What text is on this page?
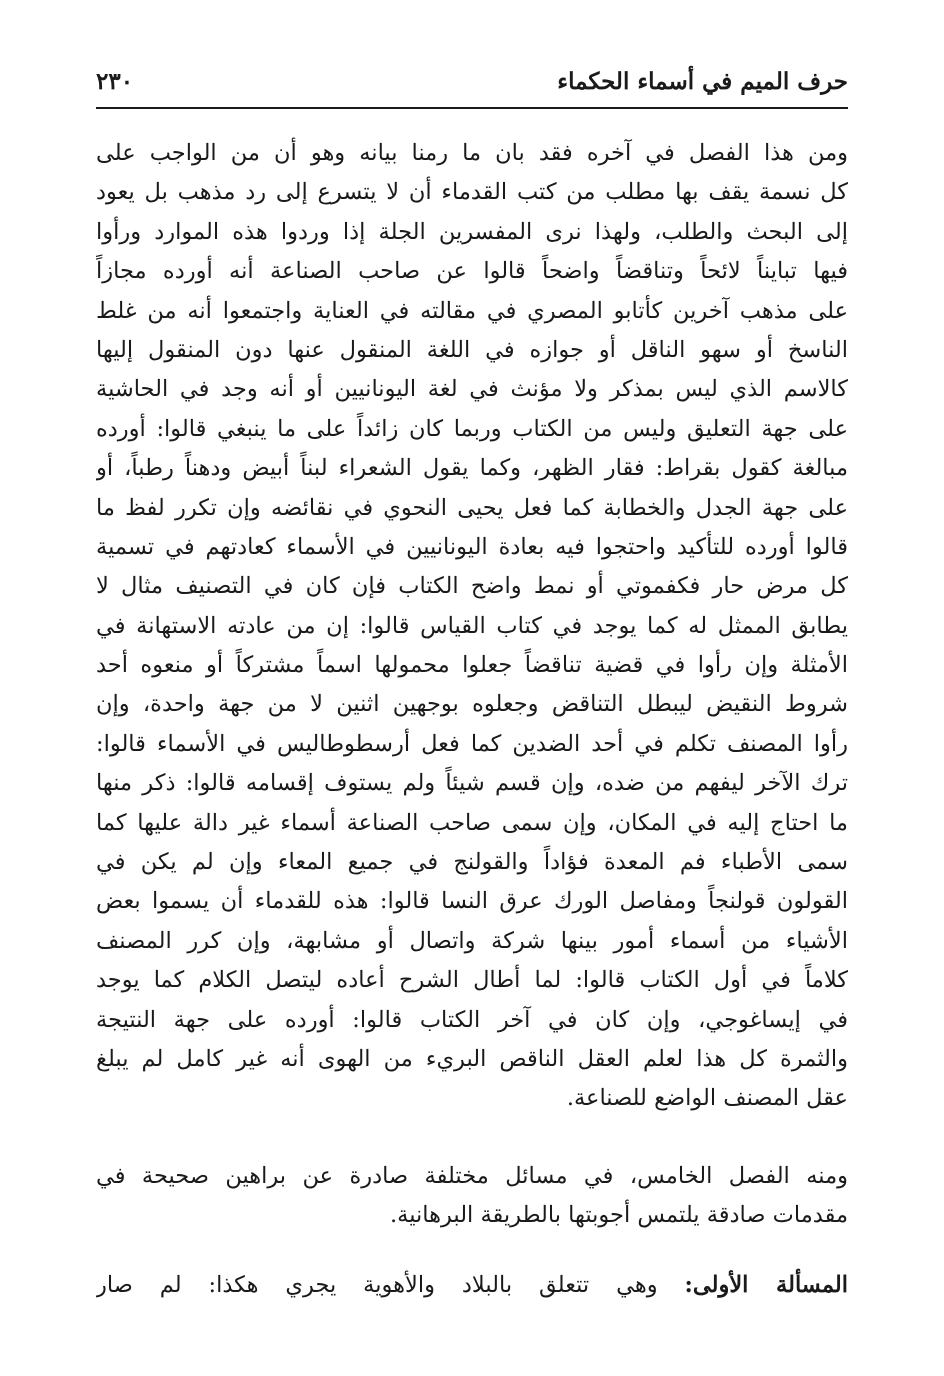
حرف الميم في أسماء الحكماء
٢٣٠
ومن هذا الفصل في آخره فقد بان ما رمنا بيانه وهو أن من الواجب على
كل نسمة يقف بها مطلب من كتب القدماء أن لا يتسرع إلى رد مذهب بل يعود
إلى البحث والطلب، ولهذا نرى المفسرين الجلة إذا وردوا هذه الموارد ورأوا
فيها تبايناً لائحاً وتناقضاً واضحاً قالوا عن صاحب الصناعة أنه أورده مجازاً
على مذهب آخرين كأتابو المصري في مقالته في العناية واجتمعوا أنه من غلط
الناسخ أو سهو الناقل أو جوازه في اللغة المنقول عنها دون المنقول إليها
كالاسم الذي ليس بمذكر ولا مؤنث في لغة اليونانيين أو أنه وجد في الحاشية
على جهة التعليق وليس من الكتاب وربما كان زائداً على ما ينبغي قالوا: أورده
مبالغة كقول بقراط: فقار الظهر، وكما يقول الشعراء لبناً أبيض ودهناً رطباً، أو
على جهة الجدل والخطابة كما فعل يحيى النحوي في نقائضه وإن تكرر لفظ ما
قالوا أورده للتأكيد واحتجوا فيه بعادة اليونانيين في الأسماء كعادتهم في تسمية
كل مرض حار فكفموتي أو نمط واضح الكتاب فإن كان في التصنيف مثال لا
يطابق الممثل له كما يوجد في كتاب القياس قالوا: إن من عادته الاستهانة في
الأمثلة وإن رأوا في قضية تناقضاً جعلوا محمولها اسماً مشتركاً أو منعوه أحد
شروط النقيض ليبطل التناقض وجعلوه بوجهين اثنين لا من جهة واحدة، وإن
رأوا المصنف تكلم في أحد الضدين كما فعل أرسطوطاليس في الأسماء قالوا:
ترك الآخر ليفهم من ضده، وإن قسم شيئاً ولم يستوف إقسامه قالوا: ذكر منها
ما احتاج إليه في المكان، وإن سمى صاحب الصناعة أسماء غير دالة عليها كما
سمى الأطباء فم المعدة فؤاداً والقولنج في جميع المعاء وإن لم يكن في
القولون قولنجاً ومفاصل الورك عرق النسا قالوا: هذه للقدماء أن يسموا بعض
الأشياء من أسماء أمور بينها شركة واتصال أو مشابهة، وإن كرر المصنف
كلاماً في أول الكتاب قالوا: لما أطال الشرح أعاده ليتصل الكلام كما يوجد
في إيساغوجي، وإن كان في آخر الكتاب قالوا: أورده على جهة النتيجة
والثمرة كل هذا لعلم العقل الناقص البريء من الهوى أنه غير كامل لم يبلغ
عقل المصنف الواضع للصناعة.
ومنه الفصل الخامس، في مسائل مختلفة صادرة عن براهين صحيحة في
مقدمات صادقة يلتمس أجوبتها بالطريقة البرهانية.
المسألة الأولى: وهي تتعلق بالبلاد والأهوية يجري هكذا: لم صار
